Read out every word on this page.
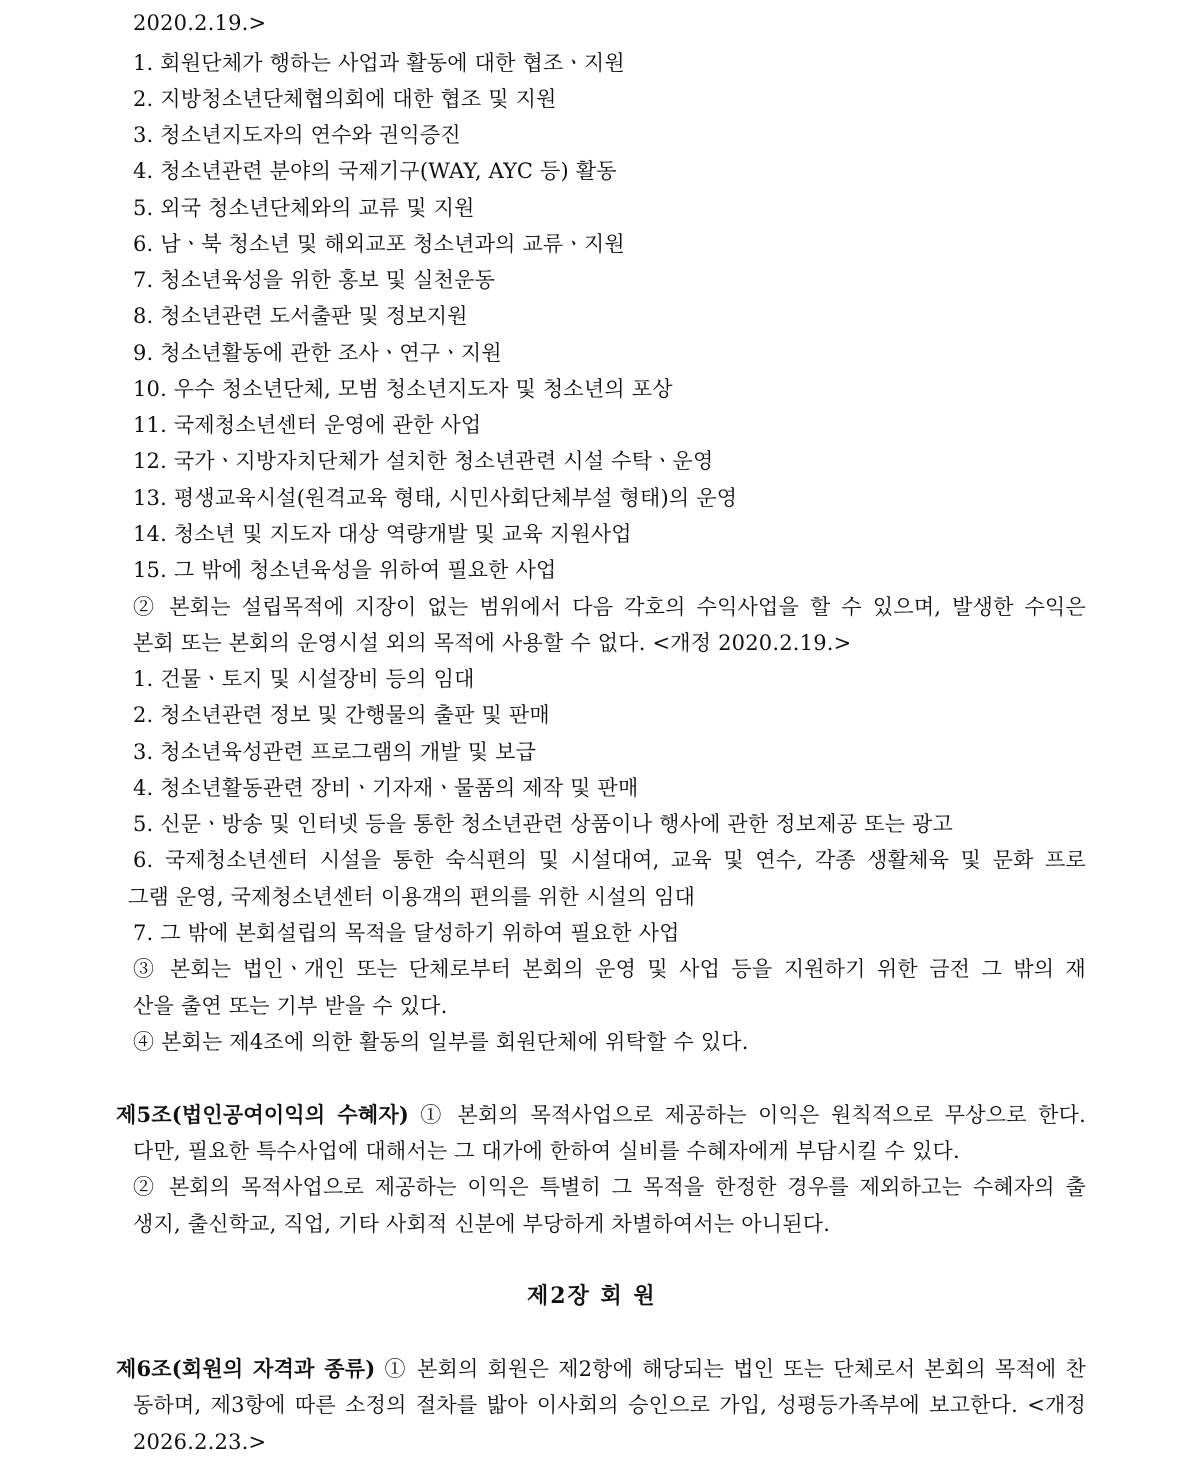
2020.2.19.>
1. 회원단체가 행하는 사업과 활동에 대한 협조ㆍ지원
2. 지방청소년단체협의회에 대한 협조 및 지원
3. 청소년지도자의 연수와 권익증진
4. 청소년관련 분야의 국제기구(WAY, AYC 등) 활동
5. 외국 청소년단체와의 교류 및 지원
6. 남ㆍ북 청소년 및 해외교포 청소년과의 교류ㆍ지원
7. 청소년육성을 위한 홍보 및 실천운동
8. 청소년관련 도서출판 및 정보지원
9. 청소년활동에 관한 조사ㆍ연구ㆍ지원
10. 우수 청소년단체, 모범 청소년지도자 및 청소년의 포상
11. 국제청소년센터 운영에 관한 사업
12. 국가ㆍ지방자치단체가 설치한 청소년관련 시설 수탁ㆍ운영
13. 평생교육시설(원격교육 형태, 시민사회단체부설 형태)의 운영
14. 청소년 및 지도자 대상 역량개발 및 교육 지원사업
15. 그 밖에 청소년육성을 위하여 필요한 사업
② 본회는 설립목적에 지장이 없는 범위에서 다음 각호의 수익사업을 할 수 있으며, 발생한 수익은
본회 또는 본회의 운영시설 외의 목적에 사용할 수 없다. <개정 2020.2.19.>
1. 건물ㆍ토지 및 시설장비 등의 임대
2. 청소년관련 정보 및 간행물의 출판 및 판매
3. 청소년육성관련 프로그램의 개발 및 보급
4. 청소년활동관련 장비ㆍ기자재ㆍ물품의 제작 및 판매
5. 신문ㆍ방송 및 인터넷 등을 통한 청소년관련 상품이나 행사에 관한 정보제공 또는 광고
6. 국제청소년센터 시설을 통한 숙식편의 및 시설대여, 교육 및 연수, 각종 생활체육 및 문화 프로
그램 운영, 국제청소년센터 이용객의 편의를 위한 시설의 임대
7. 그 밖에 본회설립의 목적을 달성하기 위하여 필요한 사업
③ 본회는 법인ㆍ개인 또는 단체로부터 본회의 운영 및 사업 등을 지원하기 위한 금전 그 밖의 재
산을 출연 또는 기부 받을 수 있다.
④ 본회는 제4조에 의한 활동의 일부를 회원단체에 위탁할 수 있다.
제5조(법인공여이익의 수혜자) ① 본회의 목적사업으로 제공하는 이익은 원칙적으로 무상으로 한다.
다만, 필요한 특수사업에 대해서는 그 대가에 한하여 실비를 수혜자에게 부담시킬 수 있다.
② 본회의 목적사업으로 제공하는 이익은 특별히 그 목적을 한정한 경우를 제외하고는 수혜자의 출
생지, 출신학교, 직업, 기타 사회적 신분에 부당하게 차별하여서는 아니된다.
제2장 회 원
제6조(회원의 자격과 종류) ① 본회의 회원은 제2항에 해당되는 법인 또는 단체로서 본회의 목적에 찬
동하며, 제3항에 따른 소정의 절차를 밟아 이사회의 승인으로 가입, 성평등가족부에 보고한다. <개정
2026.2.23.>
